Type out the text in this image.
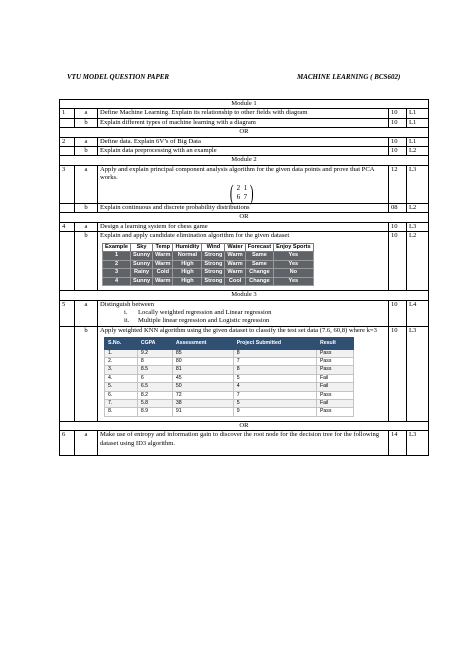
VTU MODEL QUESTION PAPER	MACHINE LEARNING ( BCS602)
Module 1
1	a	Define Machine Learning. Explain its relationship to other fields with diagram	10	L1
	b	Explain different types of machine learning with a diagram	10	L1
OR
2	a	Define data. Explain 6V’s of Big Data	10	L1
	b	Explain data preprocessing with an example	10	L2
Module 2
3	a	Apply and explain principal component analysis algorithm for the given data points and prove that PCA works.
( 2 1
6 7 )
	12	L3
	b	Explain continuous and discrete probability distributions	08	L2
OR
4	a	Design a learning system for chess game	10	L3
	b	Explain and apply candidate elimination algorithm for the given dataset
Example	Sky	Temp	Humidity	Wind	Water	Forecast	Enjoy Sports
1	Sunny	Warm	Normal	Strong	Warm	Same	Yes
2	Sunny	Warm	High	Strong	Warm	Same	Yes
3	Rainy	Cold	High	Strong	Warm	Change	No
4	Sunny	Warm	High	Strong	Cool	Change	Yes
	10	L2
Module 3
5	a	Distinguish between
i. Locally weighted regression and Linear regression
ii. Multiple linear regression and Logistic regression
	10	L4
	b	Apply weighted KNN algorithm using the given dataset to classify the test set data (7.6, 60,8) where k=3
S.No.	CGPA	Assessment	Project Submitted	Result
1.	9.2	85	8	Pass
2.	8	80	7	Pass
3.	8.5	81	8	Pass
4.	6	45	5	Fail
5.	6.5	50	4	Fail
6.	8.2	72	7	Pass
7.	5.8	38	5	Fail
8.	8.9	91	9	Pass
	10	L3
OR
6	a	Make use of entropy and information gain to discover the root node for the decision tree for the following dataset using ID3 algorithm.	14	L3
